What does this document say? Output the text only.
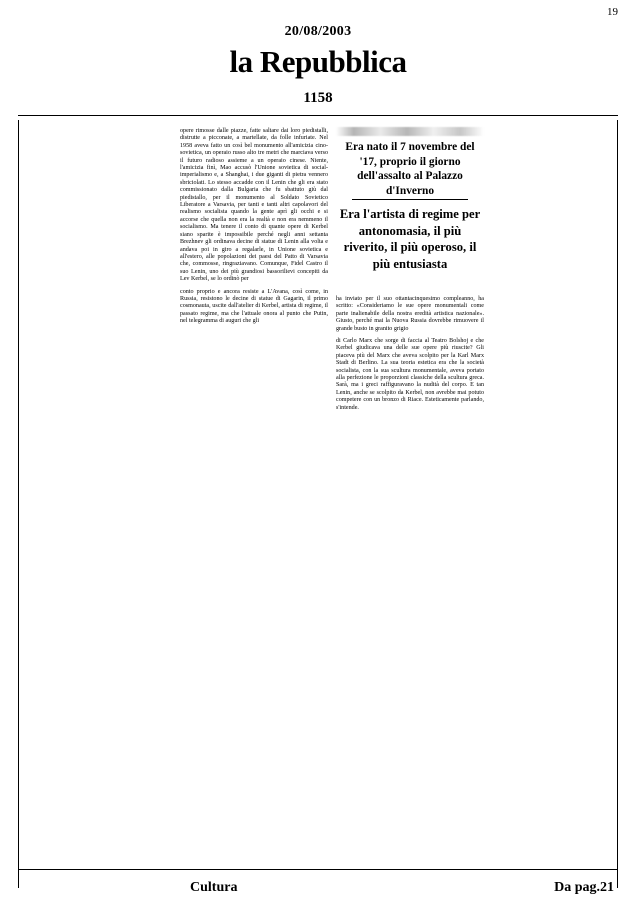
19
20/08/2003
la Repubblica
1158

opere rimosse dalle piazze, fatte saltare dai loro piedistalli, distrutte a picconate, a martellate, da folle infuriate. Nel 1958 aveva fatto un così bel monumento all'amicizia cino-sovietica, un operaio russo alto tre metri che marciava verso il futuro radioso assieme a un operaio cinese. Niente, l'amicizia finì, Mao accusò l'Unione sovietica di social-imperialismo e, a Shanghai, i due giganti di pietra vennero sbriciolati. Lo stesso accadde con il Lenin che gli era stato commissionato dalla Bulgaria che fu sbattuto giù dal piedistallo, per il monumento al Soldato Sovietico Liberatore a Varsavia, per tanti e tanti altri capolavori del realismo socialista quando la gente aprì gli occhi e si accorse che quella non era la realtà e non era nemmeno il socialismo. Ma tenere il conto di quante opere di Kerbel siano sparite è impossibile perché negli anni settanta Brezhnev gli ordinava decine di statue di Lenin alla volta e andava poi in giro a regalarle, in Unione sovietica e all'estero, alle popolazioni dei paesi del Patto di Varsavia che, commosse, ringraziavano. Comunque, Fidel Castro il suo Lenin, uno dei più grandiosi bassorilievi concepiti da Lev Kerbel, se lo ordinò per

conto proprio e ancora resiste a L'Avana, così come, in Russia, resistono le decine di statue di Gagarin, il primo cosmonauta, uscite dall'atelier di Kerbel, artista di regime, il passato regime, ma che l'attuale onora al punto che Putin, nel telegramma di auguri che gli

Era nato il 7 novembre del '17, proprio il giorno dell'assalto al Palazzo d'Inverno
Era l'artista di regime per antonomasia, il più riverito, il più operoso, il più entusiasta

ha inviato per il suo ottantacinquesimo compleanno, ha scritto: «Consideriamo le sue opere monumentali come parte inalienabile della nostra eredità artistica nazionale». Giusto, perché mai la Nuova Russia dovrebbe rimuovere il grande busto in granito grigio

di Carlo Marx che sorge di faccia al Teatro Bolshoj e che Kerbel giudicava una delle sue opere più riuscite? Gli piaceva più del Marx che aveva scolpito per la Karl Marx Stadt di Berlino. La sua teoria estetica era che la società socialista, con la sua scultura monumentale, aveva portato alla perfezione le proporzioni classiche della scultura greca. Sarà, ma i greci raffiguravano la nudità del corpo. E tan Lenin, anche se scolpito da Kerbel, non avrebbe mai potuto competere con un bronzo di Riace. Esteticamente parlando, s'intende.

Cultura	Da pag.21
